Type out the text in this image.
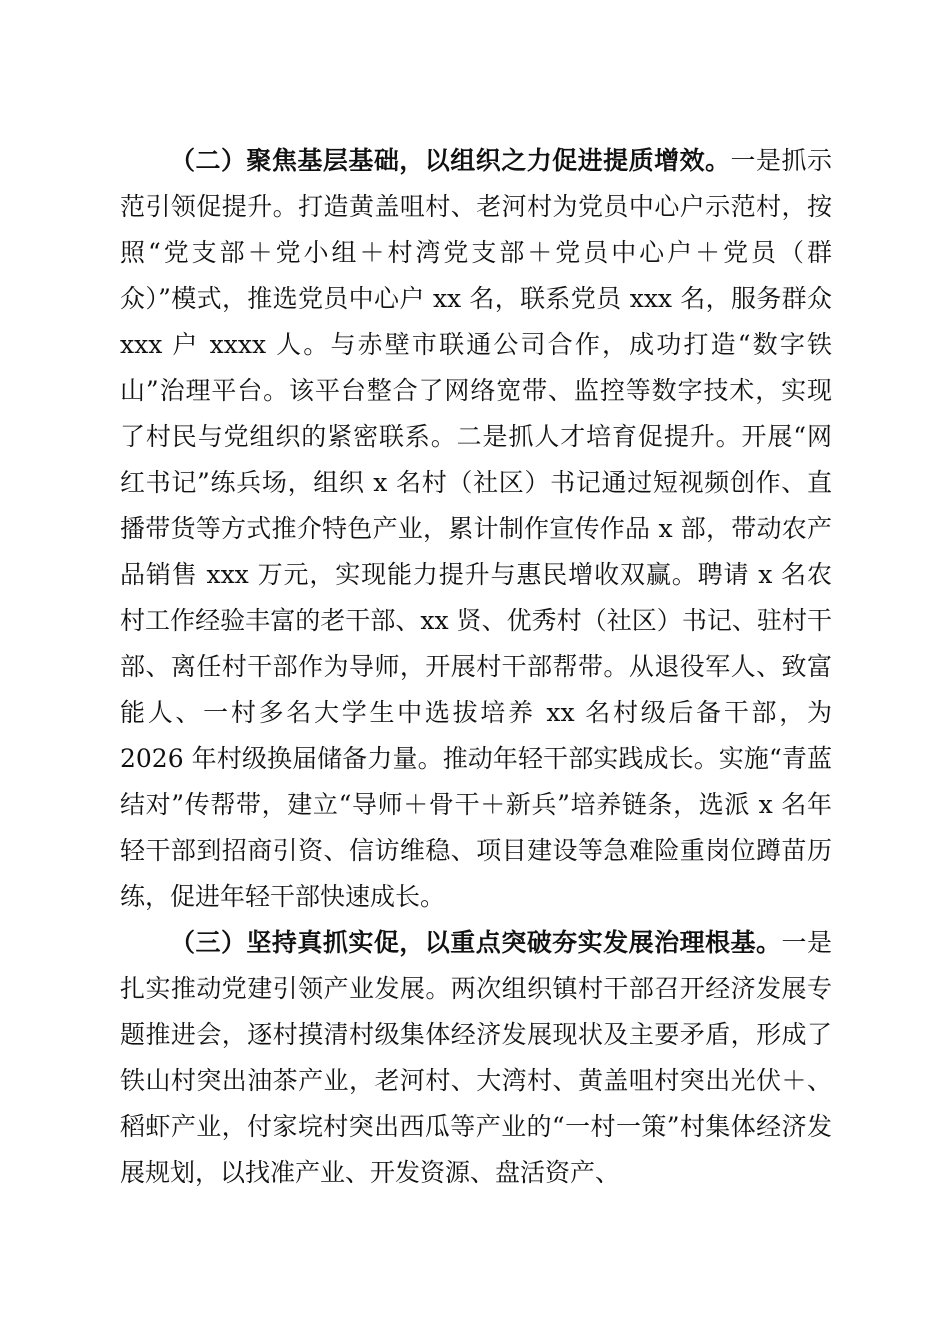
（二）聚焦基层基础，以组织之力促进提质增效。一是抓示范引领促提升。打造黄盖咀村、老河村为党员中心户示范村，按照“党支部＋党小组＋村湾党支部＋党员中心户＋党员（群众）”模式，推选党员中心户 xx 名，联系党员 xxx 名，服务群众 xxx 户 xxxx 人。与赤壁市联通公司合作，成功打造“数字铁山”治理平台。该平台整合了网络宽带、监控等数字技术，实现了村民与党组织的紧密联系。二是抓人才培育促提升。开展“网红书记”练兵场，组织 x 名村（社区）书记通过短视频创作、直播带货等方式推介特色产业，累计制作宣传作品 x 部，带动农产品销售 xxx 万元，实现能力提升与惠民增收双赢。聘请 x 名农村工作经验丰富的老干部、xx 贤、优秀村（社区）书记、驻村干部、离任村干部作为导师，开展村干部帮带。从退役军人、致富能人、一村多名大学生中选拔培养 xx 名村级后备干部，为 2026 年村级换届储备力量。推动年轻干部实践成长。实施“青蓝结对”传帮带，建立“导师＋骨干＋新兵”培养链条，选派 x 名年轻干部到招商引资、信访维稳、项目建设等急难险重岗位蹲苗历练，促进年轻干部快速成长。

（三）坚持真抓实促，以重点突破夯实发展治理根基。一是扎实推动党建引领产业发展。两次组织镇村干部召开经济发展专题推进会，逐村摸清村级集体经济发展现状及主要矛盾，形成了铁山村突出油茶产业，老河村、大湾村、黄盖咀村突出光伏＋、稻虾产业，付家垸村突出西瓜等产业的“一村一策”村集体经济发展规划，以找准产业、开发资源、盘活资产、
